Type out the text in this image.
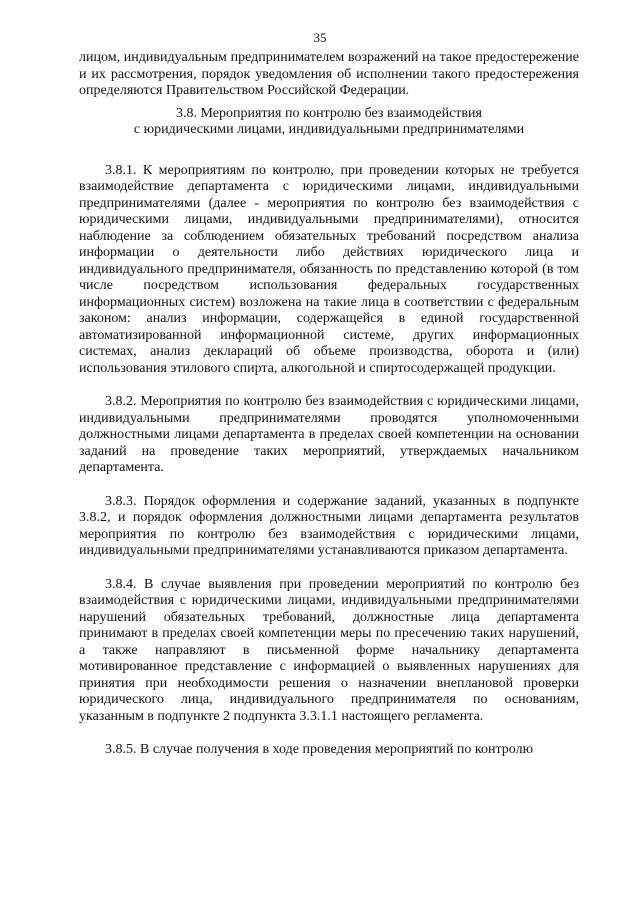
35

лицом, индивидуальным предпринимателем возражений на такое предостережение и их рассмотрения, порядок уведомления об исполнении такого предостережения определяются Правительством Российской Федерации.

3.8. Мероприятия по контролю без взаимодействия
с юридическими лицами, индивидуальными предпринимателями

3.8.1. К мероприятиям по контролю, при проведении которых не требуется взаимодействие департамента с юридическими лицами, индивидуальными предпринимателями (далее - мероприятия по контролю без взаимодействия с юридическими лицами, индивидуальными предпринимателями), относится наблюдение за соблюдением обязательных требований посредством анализа информации о деятельности либо действиях юридического лица и индивидуального предпринимателя, обязанность по представлению которой (в том числе посредством использования федеральных государственных информационных систем) возложена на такие лица в соответствии с федеральным законом: анализ информации, содержащейся в единой государственной автоматизированной информационной системе, других информационных системах, анализ деклараций об объеме производства, оборота и (или) использования этилового спирта, алкогольной и спиртосодержащей продукции.

3.8.2. Мероприятия по контролю без взаимодействия с юридическими лицами, индивидуальными предпринимателями проводятся уполномоченными должностными лицами департамента в пределах своей компетенции на основании заданий на проведение таких мероприятий, утверждаемых начальником департамента.

3.8.3. Порядок оформления и содержание заданий, указанных в подпункте 3.8.2, и порядок оформления должностными лицами департамента результатов мероприятия по контролю без взаимодействия с юридическими лицами, индивидуальными предпринимателями устанавливаются приказом департамента.

3.8.4. В случае выявления при проведении мероприятий по контролю без взаимодействия с юридическими лицами, индивидуальными предпринимателями нарушений обязательных требований, должностные лица департамента принимают в пределах своей компетенции меры по пресечению таких нарушений, а также направляют в письменной форме начальнику департамента мотивированное представление с информацией о выявленных нарушениях для принятия при необходимости решения о назначении внеплановой проверки юридического лица, индивидуального предпринимателя по основаниям, указанным в подпункте 2 подпункта 3.3.1.1 настоящего регламента.

3.8.5. В случае получения в ходе проведения мероприятий по контролю
